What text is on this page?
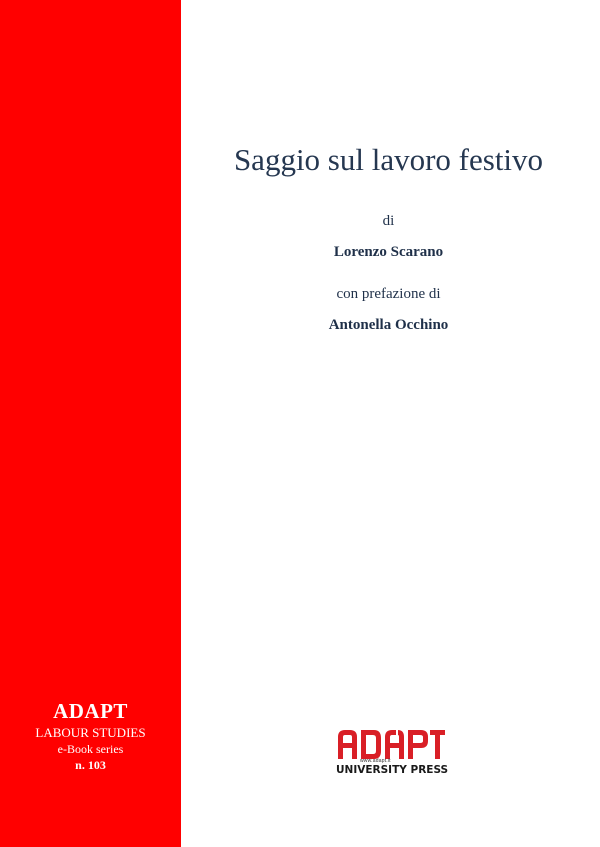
ADAPT
LABOUR STUDIES
e-Book series
n. 103
Saggio sul lavoro festivo
di
Lorenzo Scarano
con prefazione di
Antonella Occhino
www.adapt.it
UNIVERSITY PRESS
